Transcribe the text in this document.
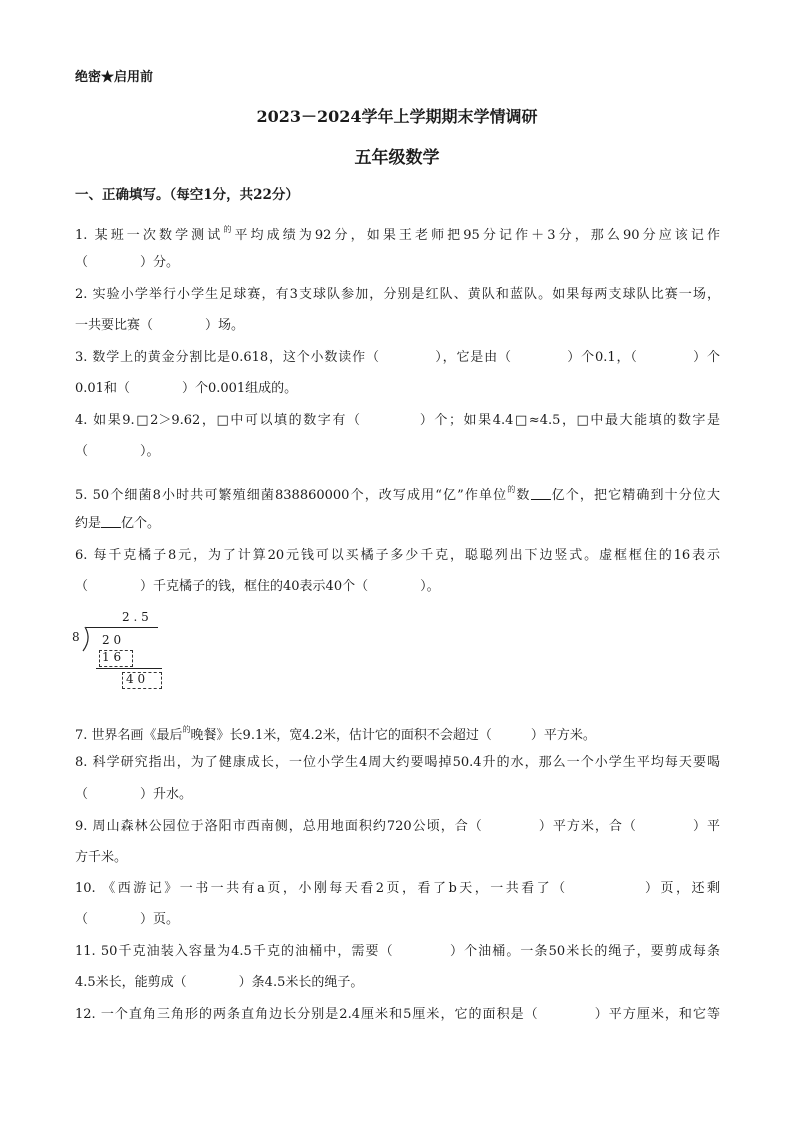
绝密★启用前
2023－2024学年上学期期末学情调研
五年级数学
一、正确填写。（每空1分，共22分）
1. 某班一次数学测试$^的$平均成绩为92分，如果王老师把95分记作＋3分，那么90分应该记作
（　　　　）分。
2. 实验小学举行小学生足球赛，有3支球队参加，分别是红队、黄队和蓝队。如果每两支球队比赛一场，
一共要比赛（　　　　）场。
3. 数学上的黄金分割比是0.618，这个小数读作（　　　　），它是由（　　　　）个0.1，（　　　　）个
0.01和（　　　　）个0.001组成的。
4. 如果9.□2＞9.62，□中可以填的数字有（　　　　）个；如果4.4□≈4.5，□中最大能填的数字是
（　　　　）。
5. 50个细菌8小时共可繁殖细菌838860000个，改写成用“亿”作单位$^的$数 亿个，把它精确到十分位大
约是 亿个。
6. 每千克橘子8元，为了计算20元钱可以买橘子多少千克，聪聪列出下边竖式。虚框框住的16表示
（　　　　）千克橘子的钱，框住的40表示40个（　　　　）。
2 . 5
8 2 0
1 6
4 0
7. 世界名画《最后$^的$晚餐》长9.1米，宽4.2米，估计它的面积不会超过（　　　）平方米。
8. 科学研究指出，为了健康成长，一位小学生4周大约要喝掉50.4升的水，那么一个小学生平均每天要喝
（　　　　）升水。
9. 周山森林公园位于洛阳市西南侧，总用地面积约720公顷，合（　　　　）平方米，合（　　　　）平
方千米。
10. 《西游记》一书一共有a页，小刚每天看2页，看了b天，一共看了（　　　　　）页，还剩
（　　　　）页。
11. 50千克油装入容量为4.5千克的油桶中，需要（　　　　）个油桶。一条50米长的绳子，要剪成每条
4.5米长，能剪成（　　　　）条4.5米长的绳子。
12. 一个直角三角形的两条直角边长分别是2.4厘米和5厘米，它的面积是（　　　　）平方厘米，和它等
